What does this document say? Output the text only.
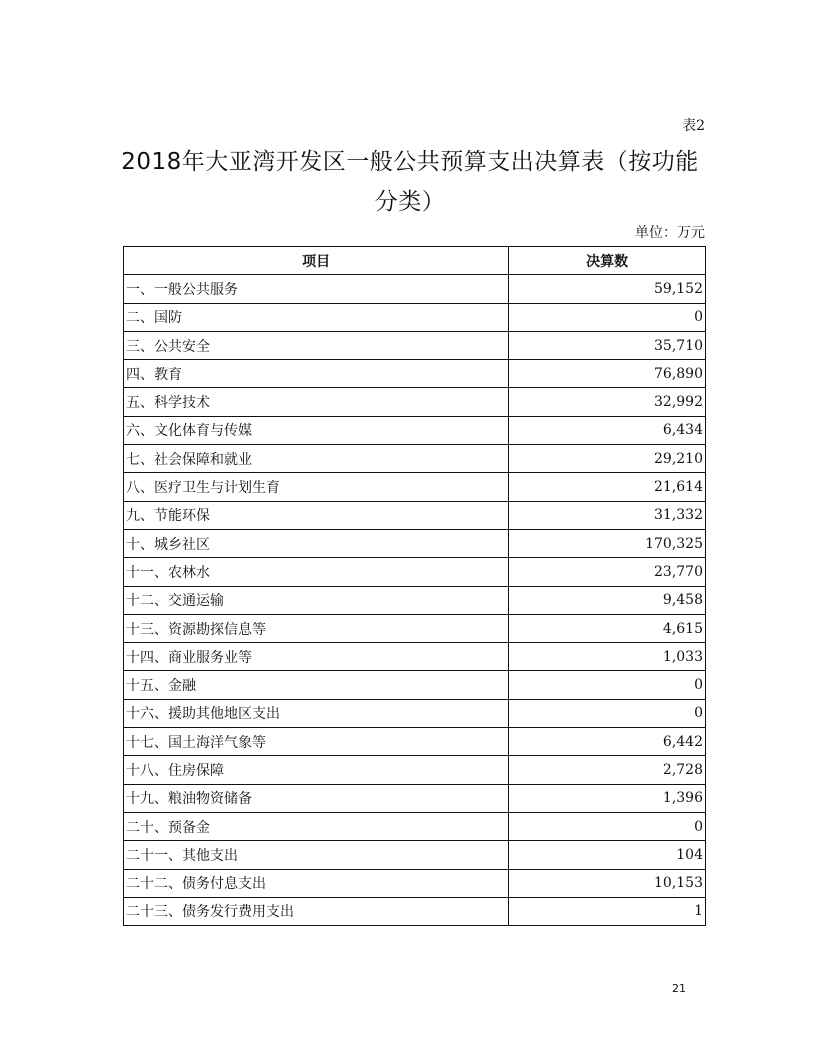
表2
2018年大亚湾开发区一般公共预算支出决算表（按功能分类）
单位：万元
项目	决算数
一、一般公共服务	59,152
二、国防	0
三、公共安全	35,710
四、教育	76,890
五、科学技术	32,992
六、文化体育与传媒	6,434
七、社会保障和就业	29,210
八、医疗卫生与计划生育	21,614
九、节能环保	31,332
十、城乡社区	170,325
十一、农林水	23,770
十二、交通运输	9,458
十三、资源勘探信息等	4,615
十四、商业服务业等	1,033
十五、金融	0
十六、援助其他地区支出	0
十七、国土海洋气象等	6,442
十八、住房保障	2,728
十九、粮油物资储备	1,396
二十、预备金	0
二十一、其他支出	104
二十二、债务付息支出	10,153
二十三、债务发行费用支出	1
21
